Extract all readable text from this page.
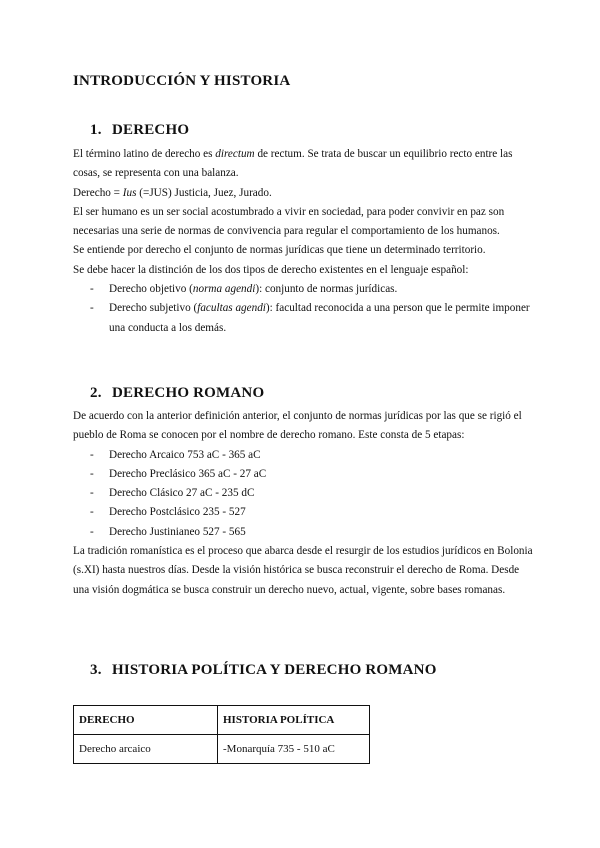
INTRODUCCIÓN Y HISTORIA
1. DERECHO

El término latino de derecho es directum de rectum. Se trata de buscar un equilibrio recto entre las cosas, se representa con una balanza.

Derecho = Ius (=JUS) Justicia, Juez, Jurado.

El ser humano es un ser social acostumbrado a vivir en sociedad, para poder convivir en paz son necesarias una serie de normas de convivencia para regular el comportamiento de los humanos.

Se entiende por derecho el conjunto de normas jurídicas que tiene un determinado territorio.

Se debe hacer la distinción de los dos tipos de derecho existentes en el lenguaje español:

- Derecho objetivo (norma agendi): conjunto de normas jurídicas.
- Derecho subjetivo (facultas agendi): facultad reconocida a una person que le permite imponer una conducta a los demás.
2. DERECHO ROMANO

De acuerdo con la anterior definición anterior, el conjunto de normas jurídicas por las que se rigió el pueblo de Roma se conocen por el nombre de derecho romano. Este consta de 5 etapas:

- Derecho Arcaico 753 aC - 365 aC
- Derecho Preclásico 365 aC - 27 aC
- Derecho Clásico 27 aC - 235 dC
- Derecho Postclásico 235 - 527
- Derecho Justinianeo 527 - 565

La tradición romanística es el proceso que abarca desde el resurgir de los estudios jurídicos en Bolonia (s.XI) hasta nuestros días. Desde la visión histórica se busca reconstruir el derecho de Roma. Desde una visión dogmática se busca construir un derecho nuevo, actual, vigente, sobre bases romanas.

3. HISTORIA POLÍTICA Y DERECHO ROMANO
DERECHO	HISTORIA POLÍTICA
Derecho arcaico	-Monarquía 735 - 510 aC
